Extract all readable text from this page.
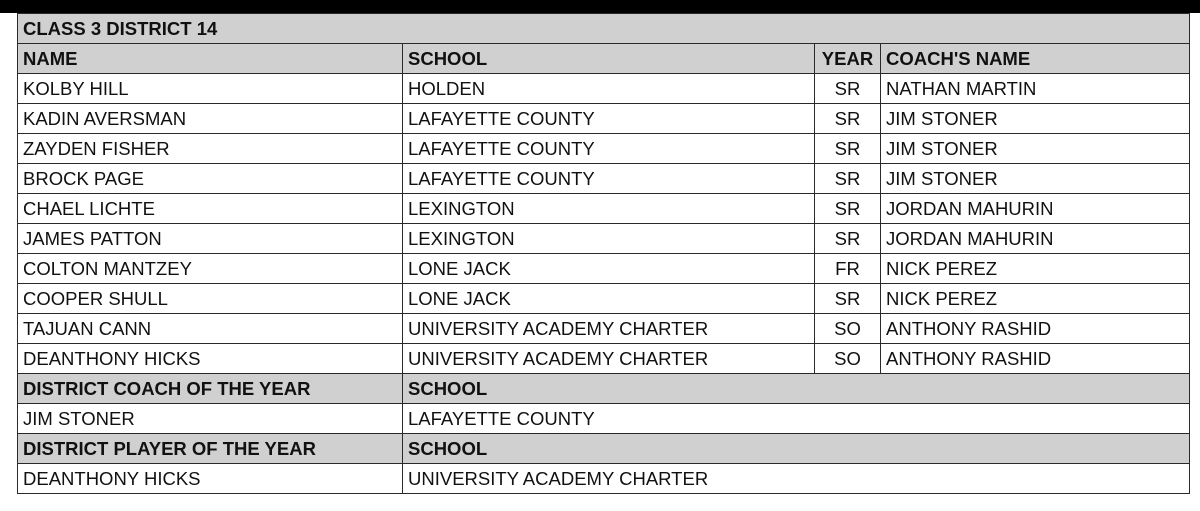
CLASS 3 DISTRICT 14			
NAME	SCHOOL	YEAR	COACH'S NAME
KOLBY HILL	HOLDEN	SR	NATHAN MARTIN
KADIN AVERSMAN	LAFAYETTE COUNTY	SR	JIM STONER
ZAYDEN FISHER	LAFAYETTE COUNTY	SR	JIM STONER
BROCK PAGE	LAFAYETTE COUNTY	SR	JIM STONER
CHAEL LICHTE	LEXINGTON	SR	JORDAN MAHURIN
JAMES PATTON	LEXINGTON	SR	JORDAN MAHURIN
COLTON MANTZEY	LONE JACK	FR	NICK PEREZ
COOPER SHULL	LONE JACK	SR	NICK PEREZ
TAJUAN CANN	UNIVERSITY ACADEMY CHARTER	SO	ANTHONY RASHID
DEANTHONY HICKS	UNIVERSITY ACADEMY CHARTER	SO	ANTHONY RASHID
DISTRICT COACH OF THE YEAR	SCHOOL		
JIM STONER	LAFAYETTE COUNTY		
DISTRICT PLAYER OF THE YEAR	SCHOOL		
DEANTHONY HICKS	UNIVERSITY ACADEMY CHARTER		
